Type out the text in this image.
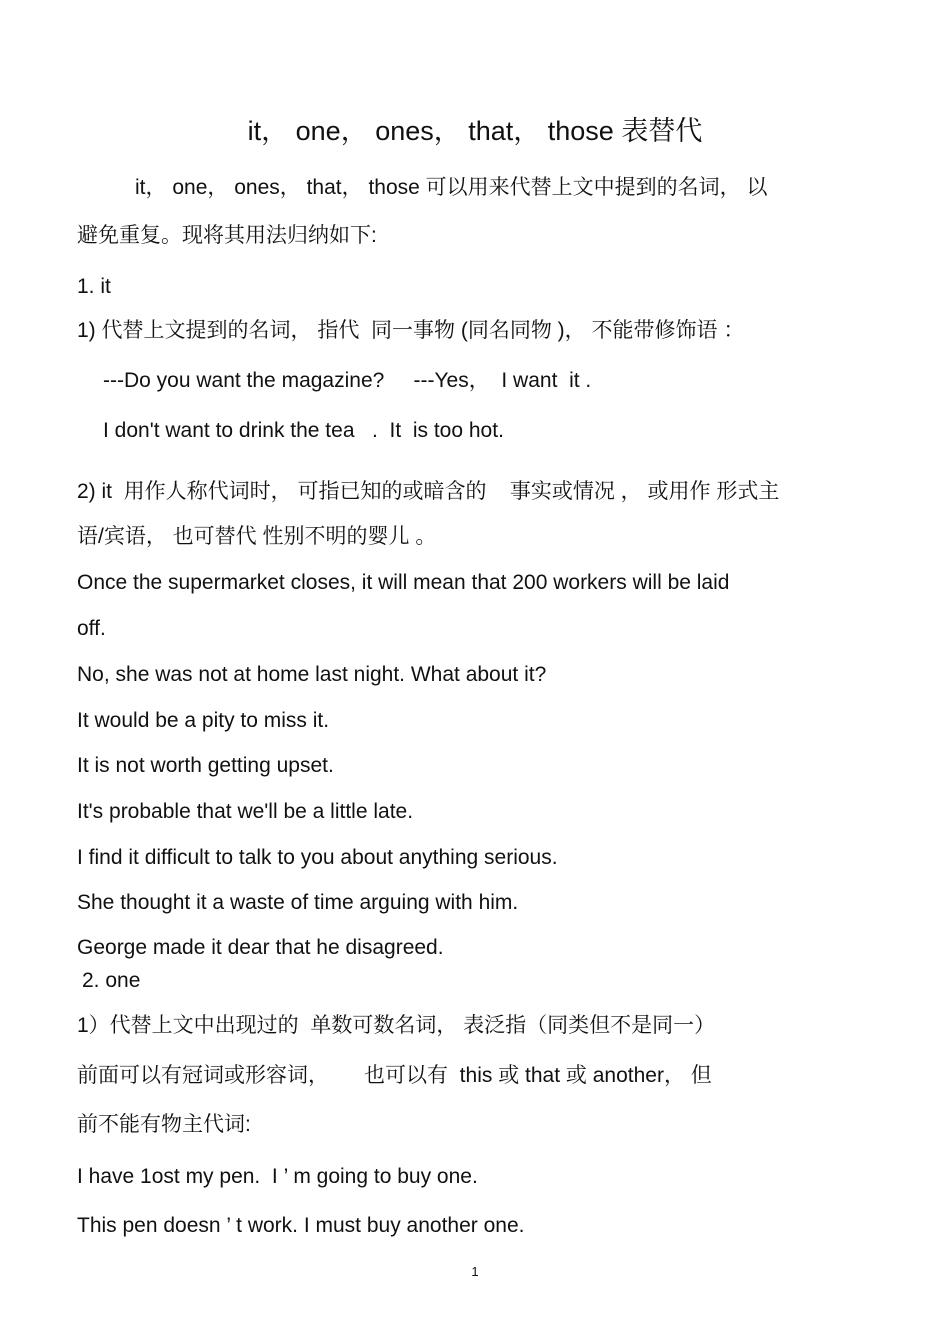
it， one， ones， that， those 表替代
it， one， ones， that， those 可以用来代替上文中提到的名词， 以
避免重复。现将其用法归纳如下:
1. it
1) 代替上文提到的名词， 指代  同一事物 (同名同物 )， 不能带修饰语 ：
---Do you want the magazine?     ---Yes，  I want  it .
I don't want to drink the tea   .  It  is too hot.
2) it  用作人称代词时， 可指已知的或暗含的    事实或情况 ， 或用作 形式主
语/宾语， 也可替代 性别不明的婴儿 。
Once the supermarket closes, it will mean that 200 workers will be laid
off.
No, she was not at home last night. What about it?
It would be a pity to miss it.
It is not worth getting upset.
It's probable that we'll be a little late.
I find it difficult to talk to you about anything serious.
She thought it a waste of time arguing with him.
George made it dear that he disagreed.
2. one
1）代替上文中出现过的  单数可数名词， 表泛指（同类但不是同一）
前面可以有冠词或形容词，      也可以有  this 或 that 或 another， 但
前不能有物主代词:
I have 1ost my pen.  I ’ m going to buy one.
This pen doesn ’ t work. I must buy another one.
1
